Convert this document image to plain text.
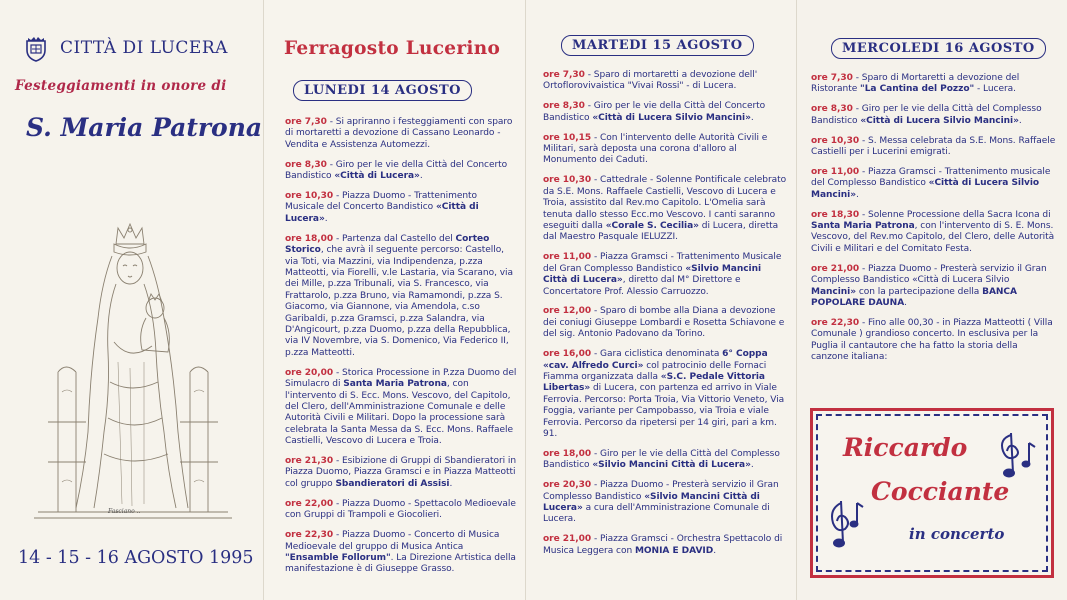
CITTÀ DI LUCERA
Festeggiamenti in onore di
S. Maria Patrona
Fasciano ..
14 - 15 - 16 AGOSTO 1995
Ferragosto Lucerino
LUNEDI 14 AGOSTO

ore 7,30 - Si apriranno i festeggiamenti con sparo di mortaretti a devozione di Cassano Leonardo - Vendita e Assistenza Automezzi.

ore 8,30 - Giro per le vie della Città del Concerto Bandistico «Città di Lucera».

ore 10,30 - Piazza Duomo - Trattenimento Musicale del Concerto Bandistico «Città di Lucera».

ore 18,00 - Partenza dal Castello del Corteo Storico, che avrà il seguente percorso: Castello, via Toti, via Mazzini, via Indipendenza, p.zza Matteotti, via Fiorelli, v.le Lastaria, via Scarano, via dei Mille, p.zza Tribunali, via S. Francesco, via Frattarolo, p.zza Bruno, via Ramamondi, p.zza S. Giacomo, via Giannone, via Amendola, c.so Garibaldi, p.zza Gramsci, p.zza Salandra, via D'Angicourt, p.zza Duomo, p.zza della Repubblica, via IV Novembre, via S. Domenico, Via Federico II, p.zza Matteotti.

ore 20,00 - Storica Processione in P.zza Duomo del Simulacro di Santa Maria Patrona, con l'intervento di S. Ecc. Mons. Vescovo, del Capitolo, del Clero, dell'Amministrazione Comunale e delle Autorità Civili e Militari. Dopo la processione sarà celebrata la Santa Messa da S. Ecc. Mons. Raffaele Castielli, Vescovo di Lucera e Troia.

ore 21,30 - Esibizione di Gruppi di Sbandieratori in Piazza Duomo, Piazza Gramsci e in Piazza Matteotti col gruppo Sbandieratori di Assisi.

ore 22,00 - Piazza Duomo - Spettacolo Medioevale con Gruppi di Trampoli e Giocolieri.

ore 22,30 - Piazza Duomo - Concerto di Musica Medioevale del gruppo di Musica Antica "Ensamble Follorum". La Direzione Artistica della manifestazione è di Giuseppe Grasso.

MARTEDI 15 AGOSTO

ore 7,30 - Sparo di mortaretti a devozione dell' Ortoflorovivaistica "Vivai Rossi" - di Lucera.

ore 8,30 - Giro per le vie della Città del Concerto Bandistico «Città di Lucera Silvio Mancini».

ore 10,15 - Con l'intervento delle Autorità Civili e Militari, sarà deposta una corona d'alloro al Monumento dei Caduti.

ore 10,30 - Cattedrale - Solenne Pontificale celebrato da S.E. Mons. Raffaele Castielli, Vescovo di Lucera e Troia, assistito dal Rev.mo Capitolo. L'Omelia sarà tenuta dallo stesso Ecc.mo Vescovo. I canti saranno eseguiti dalla «Corale S. Cecilia» di Lucera, diretta dal Maestro Pasquale IELUZZI.

ore 11,00 - Piazza Gramsci - Trattenimento Musicale del Gran Complesso Bandistico «Silvio Mancini Città di Lucera», diretto dal M° Direttore e Concertatore Prof. Alessio Carruozzo.

ore 12,00 - Sparo di bombe alla Diana a devozione dei coniugi Giuseppe Lombardi e Rosetta Schiavone e del sig. Antonio Padovano da Torino.

ore 16,00 - Gara ciclistica denominata 6° Coppa «cav. Alfredo Curci» col patrocinio delle Fornaci Fiamma organizzata dalla «S.C. Pedale Vittoria Libertas» di Lucera, con partenza ed arrivo in Viale Ferrovia. Percorso: Porta Troia, Via Vittorio Veneto, Via Foggia, variante per Campobasso, via Troia e viale Ferrovia. Percorso da ripetersi per 14 giri, pari a km. 91.

ore 18,00 - Giro per le vie della Città del Complesso Bandistico «Silvio Mancini Città di Lucera».

ore 20,30 - Piazza Duomo - Presterà servizio il Gran Complesso Bandistico «Silvio Mancini Città di Lucera» a cura dell'Amministrazione Comunale di Lucera.

ore 21,00 - Piazza Gramsci - Orchestra Spettacolo di Musica Leggera con MONIA E DAVID.

MERCOLEDI 16 AGOSTO

ore 7,30 - Sparo di Mortaretti a devozione del Ristorante "La Cantina del Pozzo" - Lucera.

ore 8,30 - Giro per le vie della Città del Complesso Bandistico «Città di Lucera Silvio Mancini».

ore 10,30 - S. Messa celebrata da S.E. Mons. Raffaele Castielli per i Lucerini emigrati.

ore 11,00 - Piazza Gramsci - Trattenimento musicale del Complesso Bandistico «Città di Lucera Silvio Mancini».

ore 18,30 - Solenne Processione della Sacra Icona di Santa Maria Patrona, con l'intervento di S. E. Mons. Vescovo, del Rev.mo Capitolo, del Clero, delle Autorità Civili e Militari e del Comitato Festa.

ore 21,00 - Piazza Duomo - Presterà servizio il Gran Complesso Bandistico «Città di Lucera Silvio Mancini» con la partecipazione della BANCA POPOLARE DAUNA.

ore 22,30 - Fino alle 00,30 - in Piazza Matteotti ( Villa Comunale ) grandioso concerto. In esclusiva per la Puglia il cantautore che ha fatto la storia della canzone italiana:

Riccardo
Cocciante
in concerto
